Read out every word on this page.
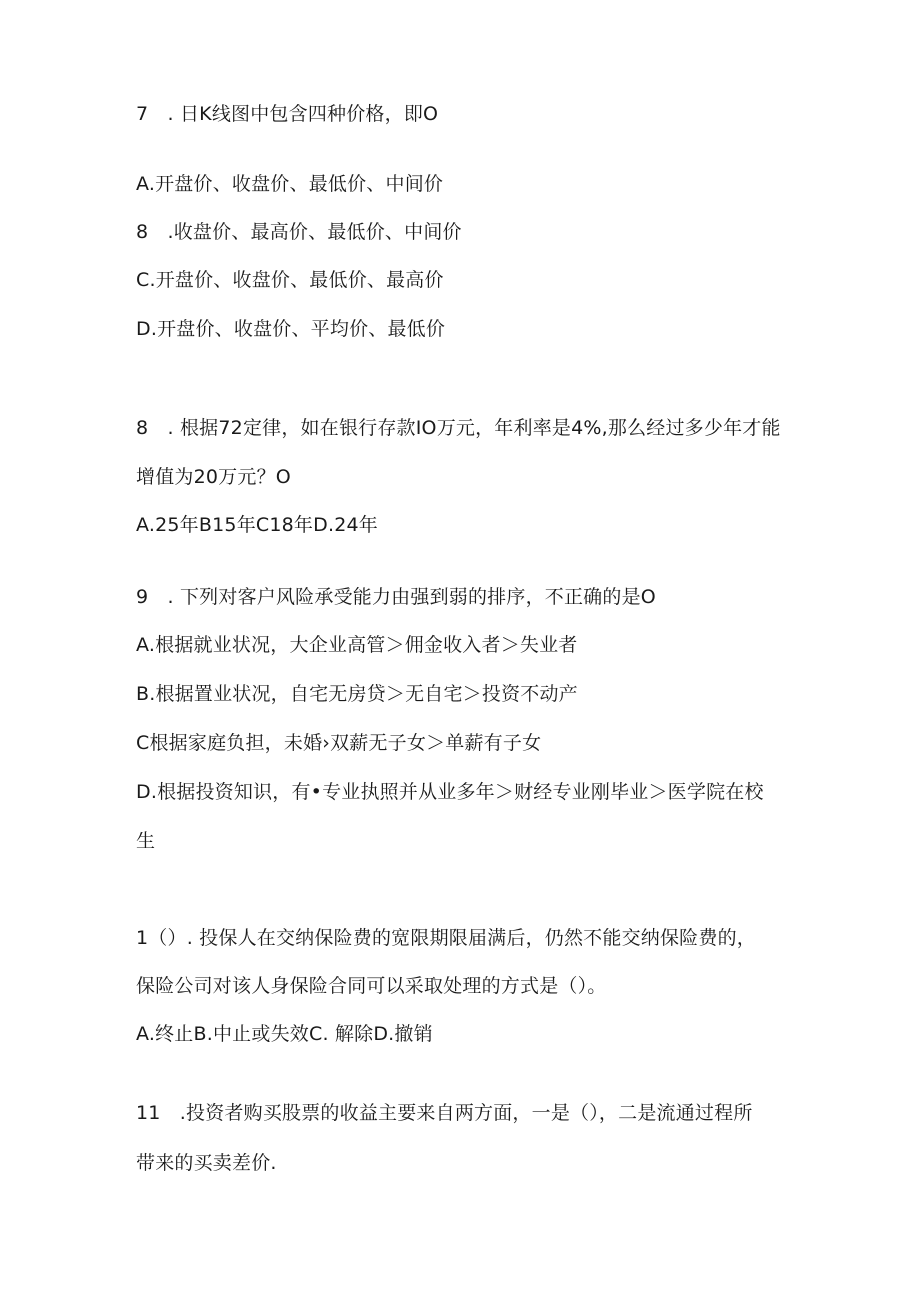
7　. 日K线图中包含四种价格，即O
A.开盘价、收盘价、最低价、中间价
8　.收盘价、最高价、最低价、中间价
C.开盘价、收盘价、最低价、最高价
D.开盘价、收盘价、平均价、最低价
8　. 根据72定律，如在银行存款IO万元，年利率是4%,那么经过多少年才能
增值为20万元？O
A.25年B15年C18年D.24年
9　. 下列对客户风险承受能力由强到弱的排序，不正确的是O
A.根据就业状况，大企业高管＞佣金收入者＞失业者
B.根据置业状况，自宅无房贷＞无自宅＞投资不动产
C根据家庭负担，未婚›双薪无子女＞单薪有子女
D.根据投资知识，有•专业执照并从业多年＞财经专业刚毕业＞医学院在校
生
1（）. 投保人在交纳保险费的宽限期限届满后，仍然不能交纳保险费的，
保险公司对该人身保险合同可以采取处理的方式是（）。
A.终止B.中止或失效C. 解除D.撤销
11　.投资者购买股票的收益主要来自两方面，一是（），二是流通过程所
带来的买卖差价.
